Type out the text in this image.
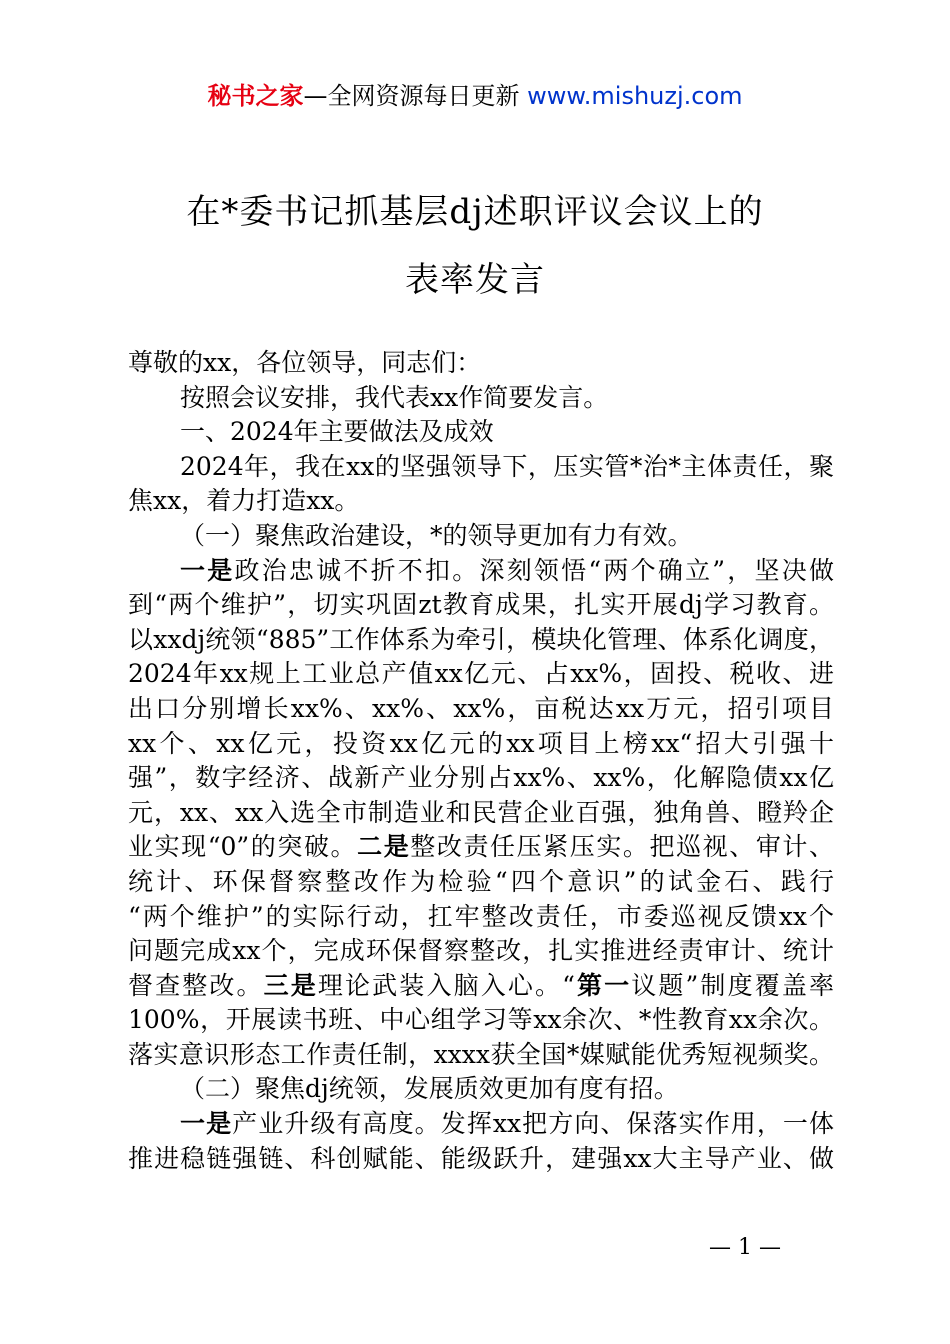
秘书之家—全网资源每日更新 www.mishuzj.com
在*委书记抓基层dj述职评议会议上的
表率发言
尊敬的xx，各位领导，同志们：
按照会议安排，我代表xx作简要发言。
一、2024年主要做法及成效
2024年，我在xx的坚强领导下，压实管*治*主体责任，聚
焦xx，着力打造xx。
（一）聚焦政治建设，*的领导更加有力有效。
一是政治忠诚不折不扣。深刻领悟“两个确立”，坚决做
到“两个维护”，切实巩固zt教育成果，扎实开展dj学习教育。
以xxdj统领“885”工作体系为牵引，模块化管理、体系化调度，
2024年xx规上工业总产值xx亿元、占xx%，固投、税收、进
出口分别增长xx%、xx%、xx%，亩税达xx万元，招引项目
xx个、xx亿元，投资xx亿元的xx项目上榜xx“招大引强十
强”，数字经济、战新产业分别占xx%、xx%，化解隐债xx亿
元，xx、xx入选全市制造业和民营企业百强，独角兽、瞪羚企
业实现“0”的突破。二是整改责任压紧压实。把巡视、审计、
统计、环保督察整改作为检验“四个意识”的试金石、践行
“两个维护”的实际行动，扛牢整改责任，市委巡视反馈xx个
问题完成xx个，完成环保督察整改，扎实推进经责审计、统计
督查整改。三是理论武装入脑入心。“第一议题”制度覆盖率
100%，开展读书班、中心组学习等xx余次、*性教育xx余次。
落实意识形态工作责任制，xxxx获全国*媒赋能优秀短视频奖。
（二）聚焦dj统领，发展质效更加有度有招。
一是产业升级有高度。发挥xx把方向、保落实作用，一体
推进稳链强链、科创赋能、能级跃升，建强xx大主导产业、做
— 1 —
